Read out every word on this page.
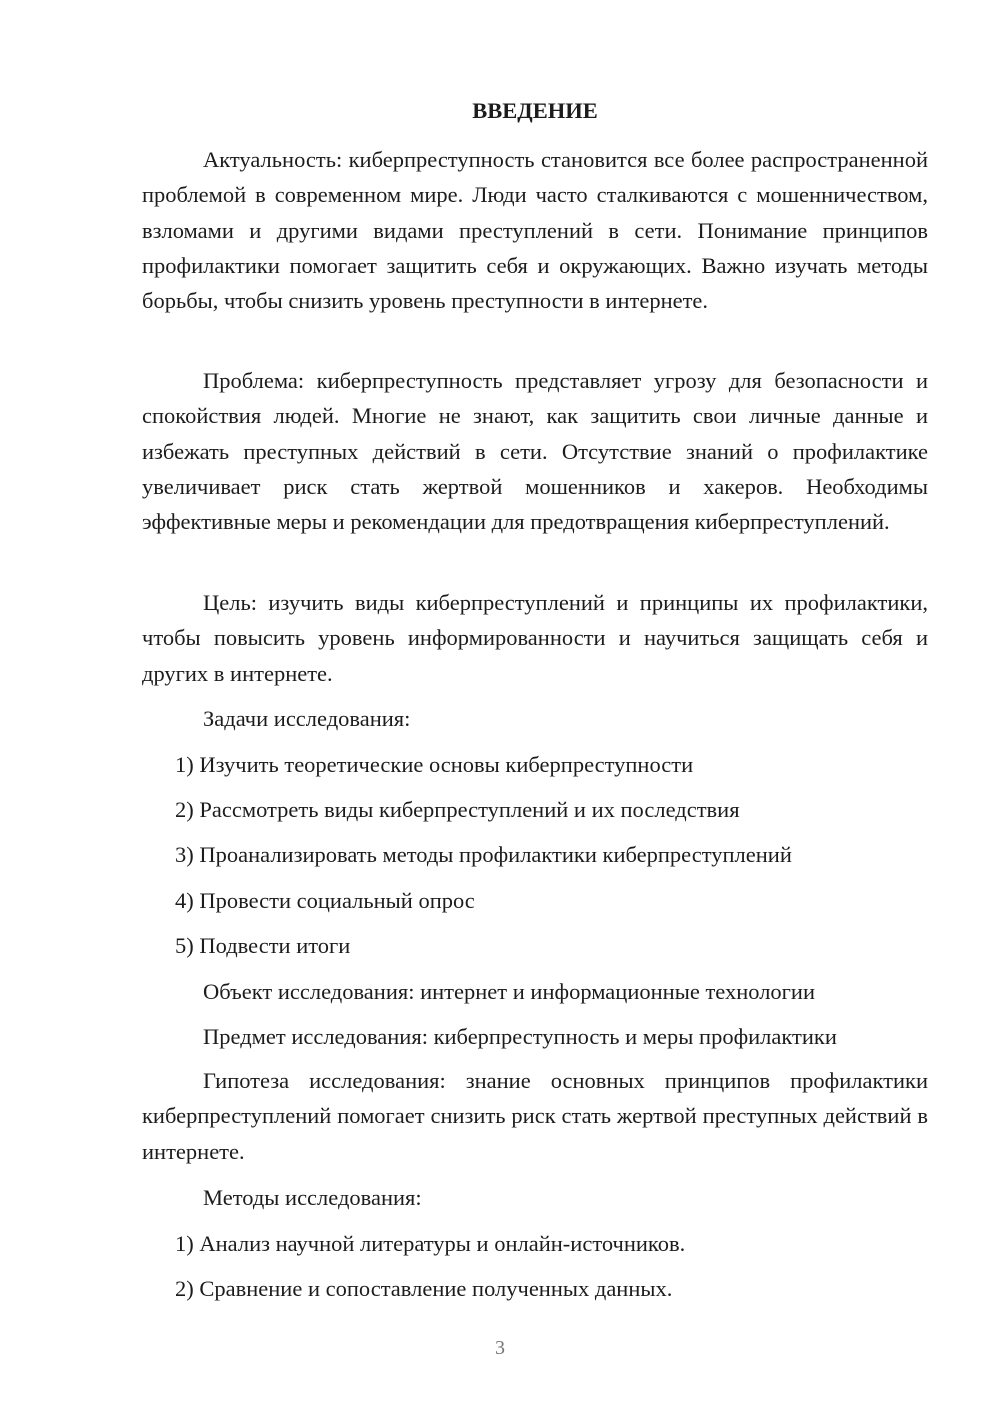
ВВЕДЕНИЕ

Актуальность: киберпреступность становится все более распространенной проблемой в современном мире. Люди часто сталкиваются с мошенничеством, взломами и другими видами преступлений в сети. Понимание принципов профилактики помогает защитить себя и окружающих. Важно изучать методы борьбы, чтобы снизить уровень преступности в интернете.

Проблема: киберпреступность представляет угрозу для безопасности и спокойствия людей. Многие не знают, как защитить свои личные данные и избежать преступных действий в сети. Отсутствие знаний о профилактике увеличивает риск стать жертвой мошенников и хакеров. Необходимы эффективные меры и рекомендации для предотвращения киберпреступлений.

Цель: изучить виды киберпреступлений и принципы их профилактики, чтобы повысить уровень информированности и научиться защищать себя и других в интернете.

Задачи исследования:
1) Изучить теоретические основы киберпреступности
2) Рассмотреть виды киберпреступлений и их последствия
3) Проанализировать методы профилактики киберпреступлений
4) Провести социальный опрос
5) Подвести итоги
Объект исследования: интернет и информационные технологии
Предмет исследования: киберпреступность и меры профилактики

Гипотеза исследования: знание основных принципов профилактики киберпреступлений помогает снизить риск стать жертвой преступных действий в интернете.

Методы исследования:
1) Анализ научной литературы и онлайн-источников.
2) Сравнение и сопоставление полученных данных.
3
